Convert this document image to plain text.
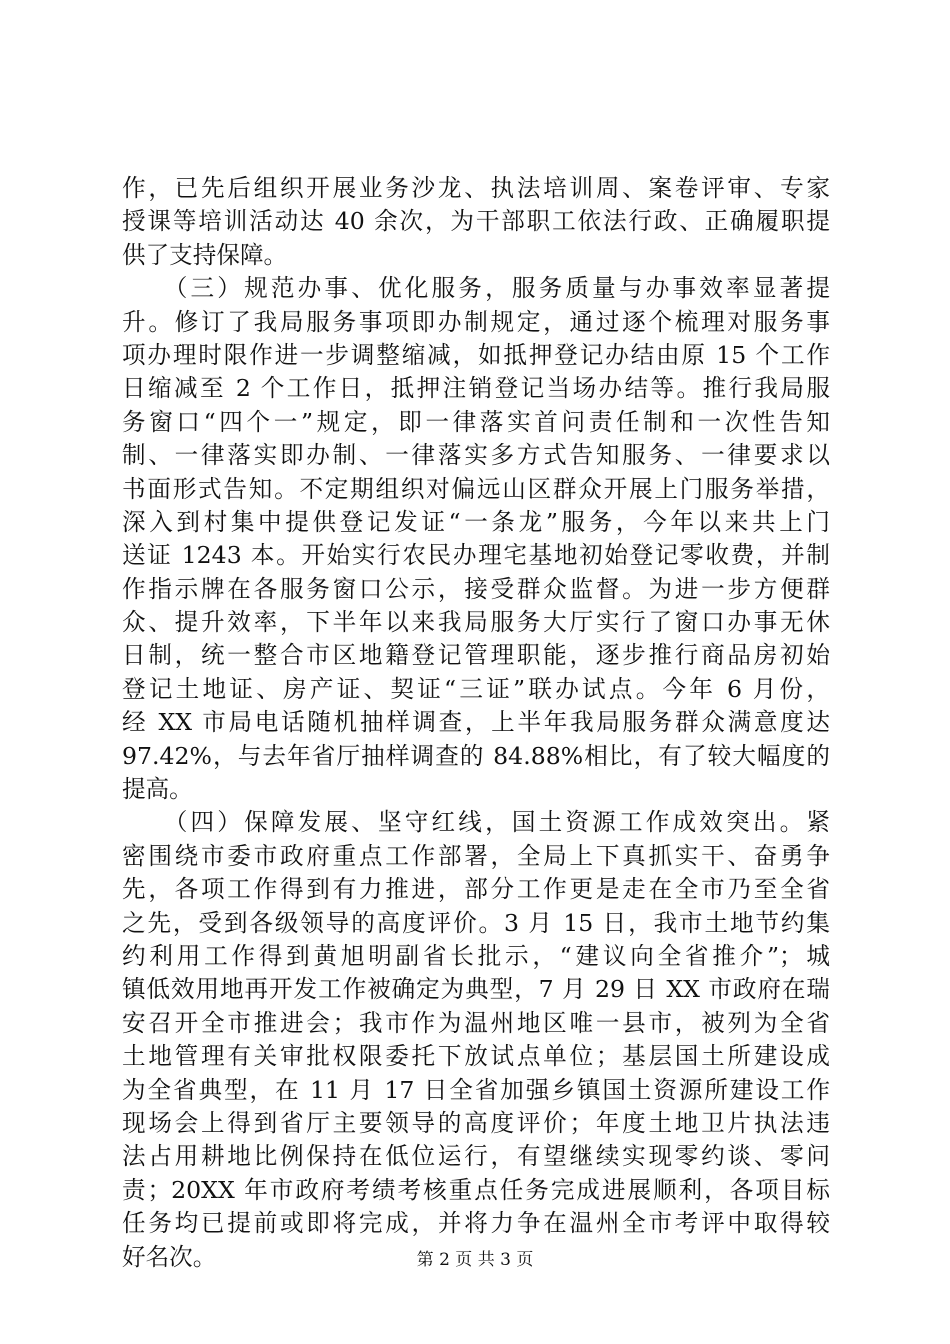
作，已先后组织开展业务沙龙、执法培训周、案卷评审、专家
授课等培训活动达 40 余次，为干部职工依法行政、正确履职提
供了支持保障。
　　（三）规范办事、优化服务，服务质量与办事效率显著提
升。修订了我局服务事项即办制规定，通过逐个梳理对服务事
项办理时限作进一步调整缩减，如抵押登记办结由原 15 个工作
日缩减至 2 个工作日，抵押注销登记当场办结等。推行我局服
务窗口“四个一”规定，即一律落实首问责任制和一次性告知
制、一律落实即办制、一律落实多方式告知服务、一律要求以
书面形式告知。不定期组织对偏远山区群众开展上门服务举措，
深入到村集中提供登记发证“一条龙”服务，今年以来共上门
送证 1243 本。开始实行农民办理宅基地初始登记零收费，并制
作指示牌在各服务窗口公示，接受群众监督。为进一步方便群
众、提升效率，下半年以来我局服务大厅实行了窗口办事无休
日制，统一整合市区地籍登记管理职能，逐步推行商品房初始
登记土地证、房产证、契证“三证”联办试点。今年 6 月份，
经 XX 市局电话随机抽样调查，上半年我局服务群众满意度达
97.42%，与去年省厅抽样调查的 84.88%相比，有了较大幅度的
提高。
　　（四）保障发展、坚守红线，国土资源工作成效突出。紧
密围绕市委市政府重点工作部署，全局上下真抓实干、奋勇争
先，各项工作得到有力推进，部分工作更是走在全市乃至全省
之先，受到各级领导的高度评价。3 月 15 日，我市土地节约集
约利用工作得到黄旭明副省长批示，“建议向全省推介”；城
镇低效用地再开发工作被确定为典型，7 月 29 日 XX 市政府在瑞
安召开全市推进会；我市作为温州地区唯一县市，被列为全省
土地管理有关审批权限委托下放试点单位；基层国土所建设成
为全省典型，在 11 月 17 日全省加强乡镇国土资源所建设工作
现场会上得到省厅主要领导的高度评价；年度土地卫片执法违
法占用耕地比例保持在低位运行，有望继续实现零约谈、零问
责；20XX 年市政府考绩考核重点任务完成进展顺利，各项目标
任务均已提前或即将完成，并将力争在温州全市考评中取得较
好名次。	第 2 页 共 3 页
